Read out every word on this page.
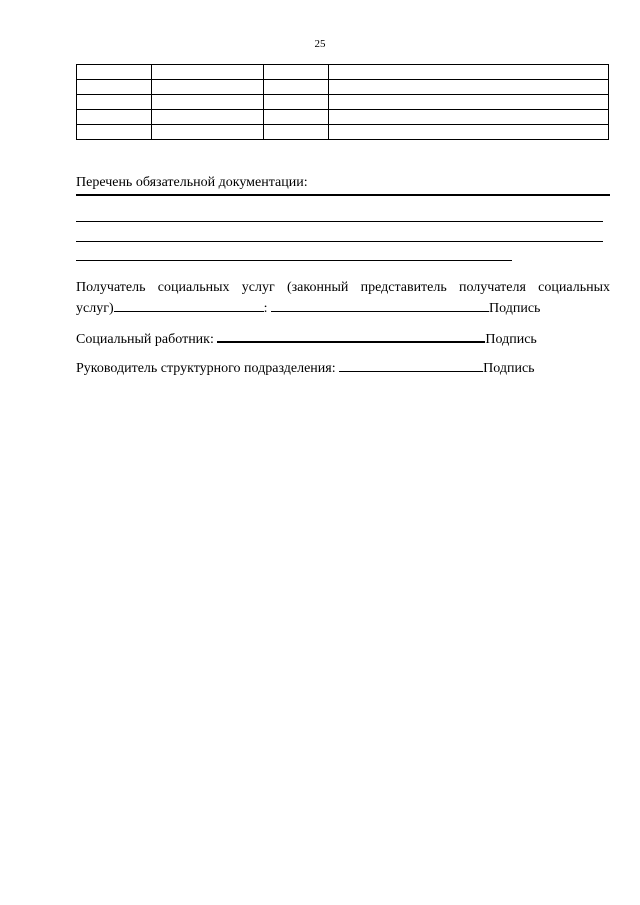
25

Перечень обязательной документации:
Получатель социальных услуг (законный представитель получателя социальных
услуг)	:	Подпись
Социальный работник:	Подпись
Руководитель структурного подразделения:	Подпись
